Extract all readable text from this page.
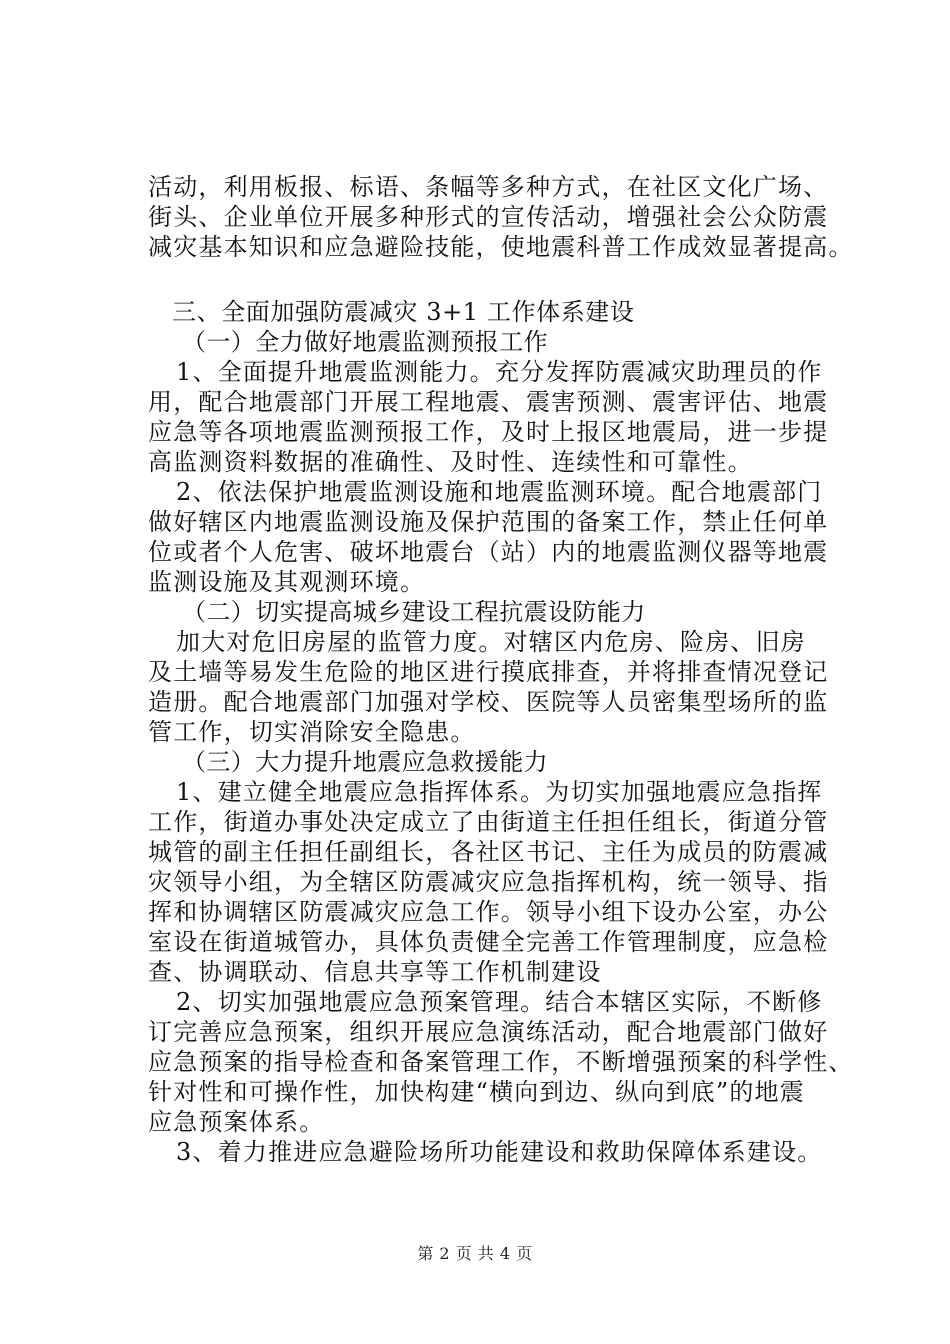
活动，利用板报、标语、条幅等多种方式，在社区文化广场、
街头、企业单位开展多种形式的宣传活动，增强社会公众防震
减灾基本知识和应急避险技能，使地震科普工作成效显著提高。
三、全面加强防震减灾 3+1 工作体系建设
（一）全力做好地震监测预报工作
1、全面提升地震监测能力。充分发挥防震减灾助理员的作
用，配合地震部门开展工程地震、震害预测、震害评估、地震
应急等各项地震监测预报工作，及时上报区地震局，进一步提
高监测资料数据的准确性、及时性、连续性和可靠性。
2、依法保护地震监测设施和地震监测环境。配合地震部门
做好辖区内地震监测设施及保护范围的备案工作，禁止任何单
位或者个人危害、破坏地震台（站）内的地震监测仪器等地震
监测设施及其观测环境。
（二）切实提高城乡建设工程抗震设防能力
加大对危旧房屋的监管力度。对辖区内危房、险房、旧房
及土墙等易发生危险的地区进行摸底排查，并将排查情况登记
造册。配合地震部门加强对学校、医院等人员密集型场所的监
管工作，切实消除安全隐患。
（三）大力提升地震应急救援能力
1、建立健全地震应急指挥体系。为切实加强地震应急指挥
工作，街道办事处决定成立了由街道主任担任组长，街道分管
城管的副主任担任副组长，各社区书记、主任为成员的防震减
灾领导小组，为全辖区防震减灾应急指挥机构，统一领导、指
挥和协调辖区防震减灾应急工作。领导小组下设办公室，办公
室设在街道城管办，具体负责健全完善工作管理制度，应急检
查、协调联动、信息共享等工作机制建设
2、切实加强地震应急预案管理。结合本辖区实际，不断修
订完善应急预案，组织开展应急演练活动，配合地震部门做好
应急预案的指导检查和备案管理工作，不断增强预案的科学性、
针对性和可操作性，加快构建“横向到边、纵向到底”的地震
应急预案体系。
3、着力推进应急避险场所功能建设和救助保障体系建设。
第 2 页 共 4 页
